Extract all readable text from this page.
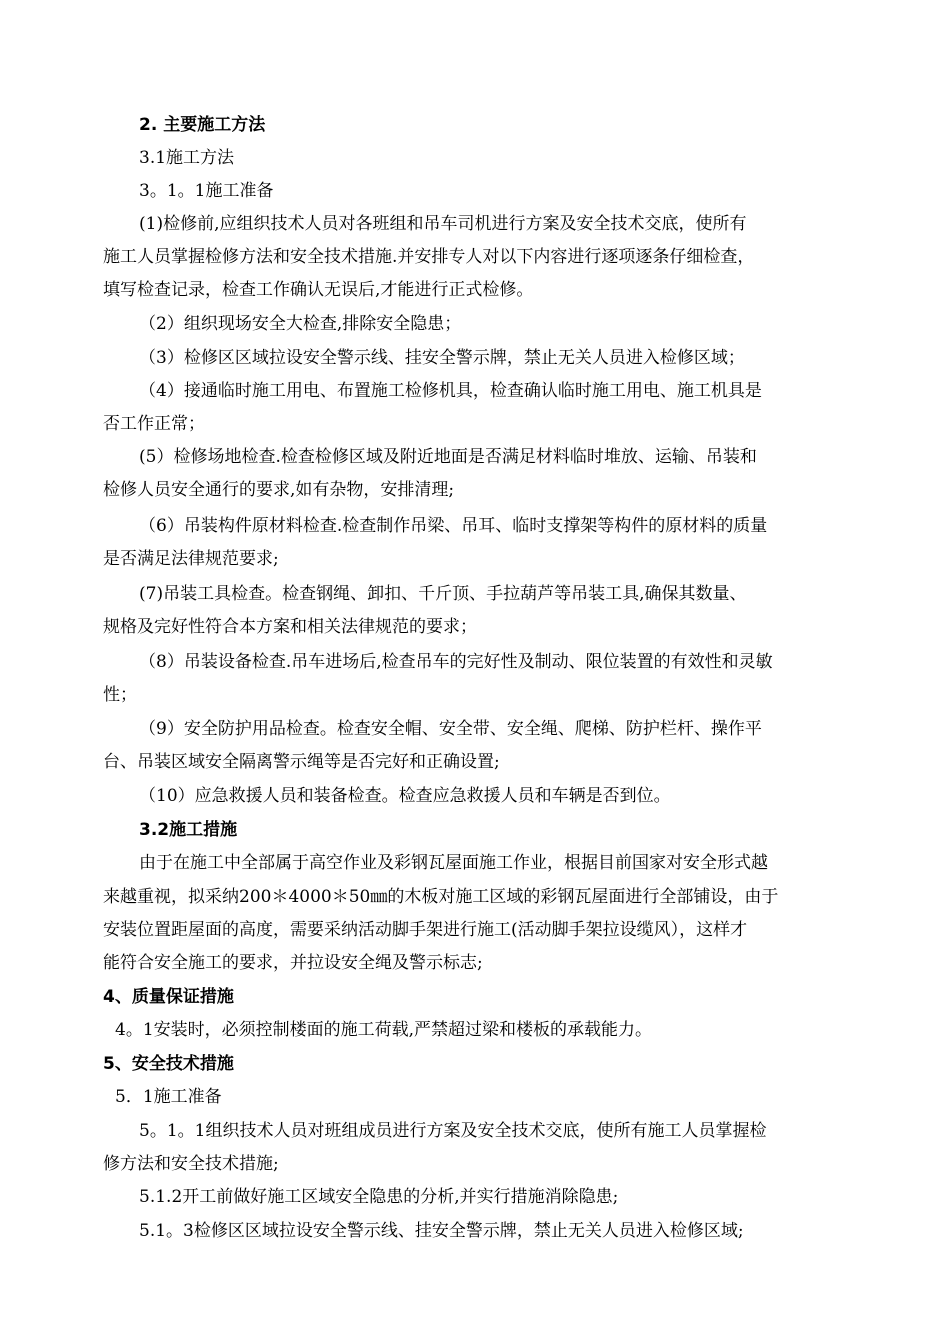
2. 主要施工方法
3.1施工方法
3。1。1施工准备
(1)检修前,应组织技术人员对各班组和吊车司机进行方案及安全技术交底，使所有
施工人员掌握检修方法和安全技术措施.并安排专人对以下内容进行逐项逐条仔细检查，
填写检查记录，检查工作确认无误后,才能进行正式检修。
（2）组织现场安全大检查,排除安全隐患；
（3）检修区区域拉设安全警示线、挂安全警示牌，禁止无关人员进入检修区域；
（4）接通临时施工用电、布置施工检修机具，检查确认临时施工用电、施工机具是
否工作正常；
(5）检修场地检查.检查检修区域及附近地面是否满足材料临时堆放、运输、吊装和
检修人员安全通行的要求,如有杂物，安排清理;
（6）吊装构件原材料检查.检查制作吊梁、吊耳、临时支撑架等构件的原材料的质量
是否满足法律规范要求;
(7)吊装工具检查。检查钢绳、卸扣、千斤顶、手拉葫芦等吊装工具,确保其数量、
规格及完好性符合本方案和相关法律规范的要求；
（8）吊装设备检查.吊车进场后,检查吊车的完好性及制动、限位装置的有效性和灵敏
性；
（9）安全防护用品检查。检查安全帽、安全带、安全绳、爬梯、防护栏杆、操作平
台、吊装区域安全隔离警示绳等是否完好和正确设置;
（10）应急救援人员和装备检查。检查应急救援人员和车辆是否到位。
3.2施工措施
由于在施工中全部属于高空作业及彩钢瓦屋面施工作业，根据目前国家对安全形式越
来越重视，拟采纳200＊4000＊50㎜的木板对施工区域的彩钢瓦屋面进行全部铺设，由于
安装位置距屋面的高度，需要采纳活动脚手架进行施工(活动脚手架拉设缆风），这样才
能符合安全施工的要求，并拉设安全绳及警示标志;
4、质量保证措施
4。1安装时，必须控制楼面的施工荷载,严禁超过梁和楼板的承载能力。
5、安全技术措施
5．1施工准备
5。1。1组织技术人员对班组成员进行方案及安全技术交底，使所有施工人员掌握检
修方法和安全技术措施;
5.1.2开工前做好施工区域安全隐患的分析,并实行措施消除隐患;
5.1。3检修区区域拉设安全警示线、挂安全警示牌，禁止无关人员进入检修区域;
